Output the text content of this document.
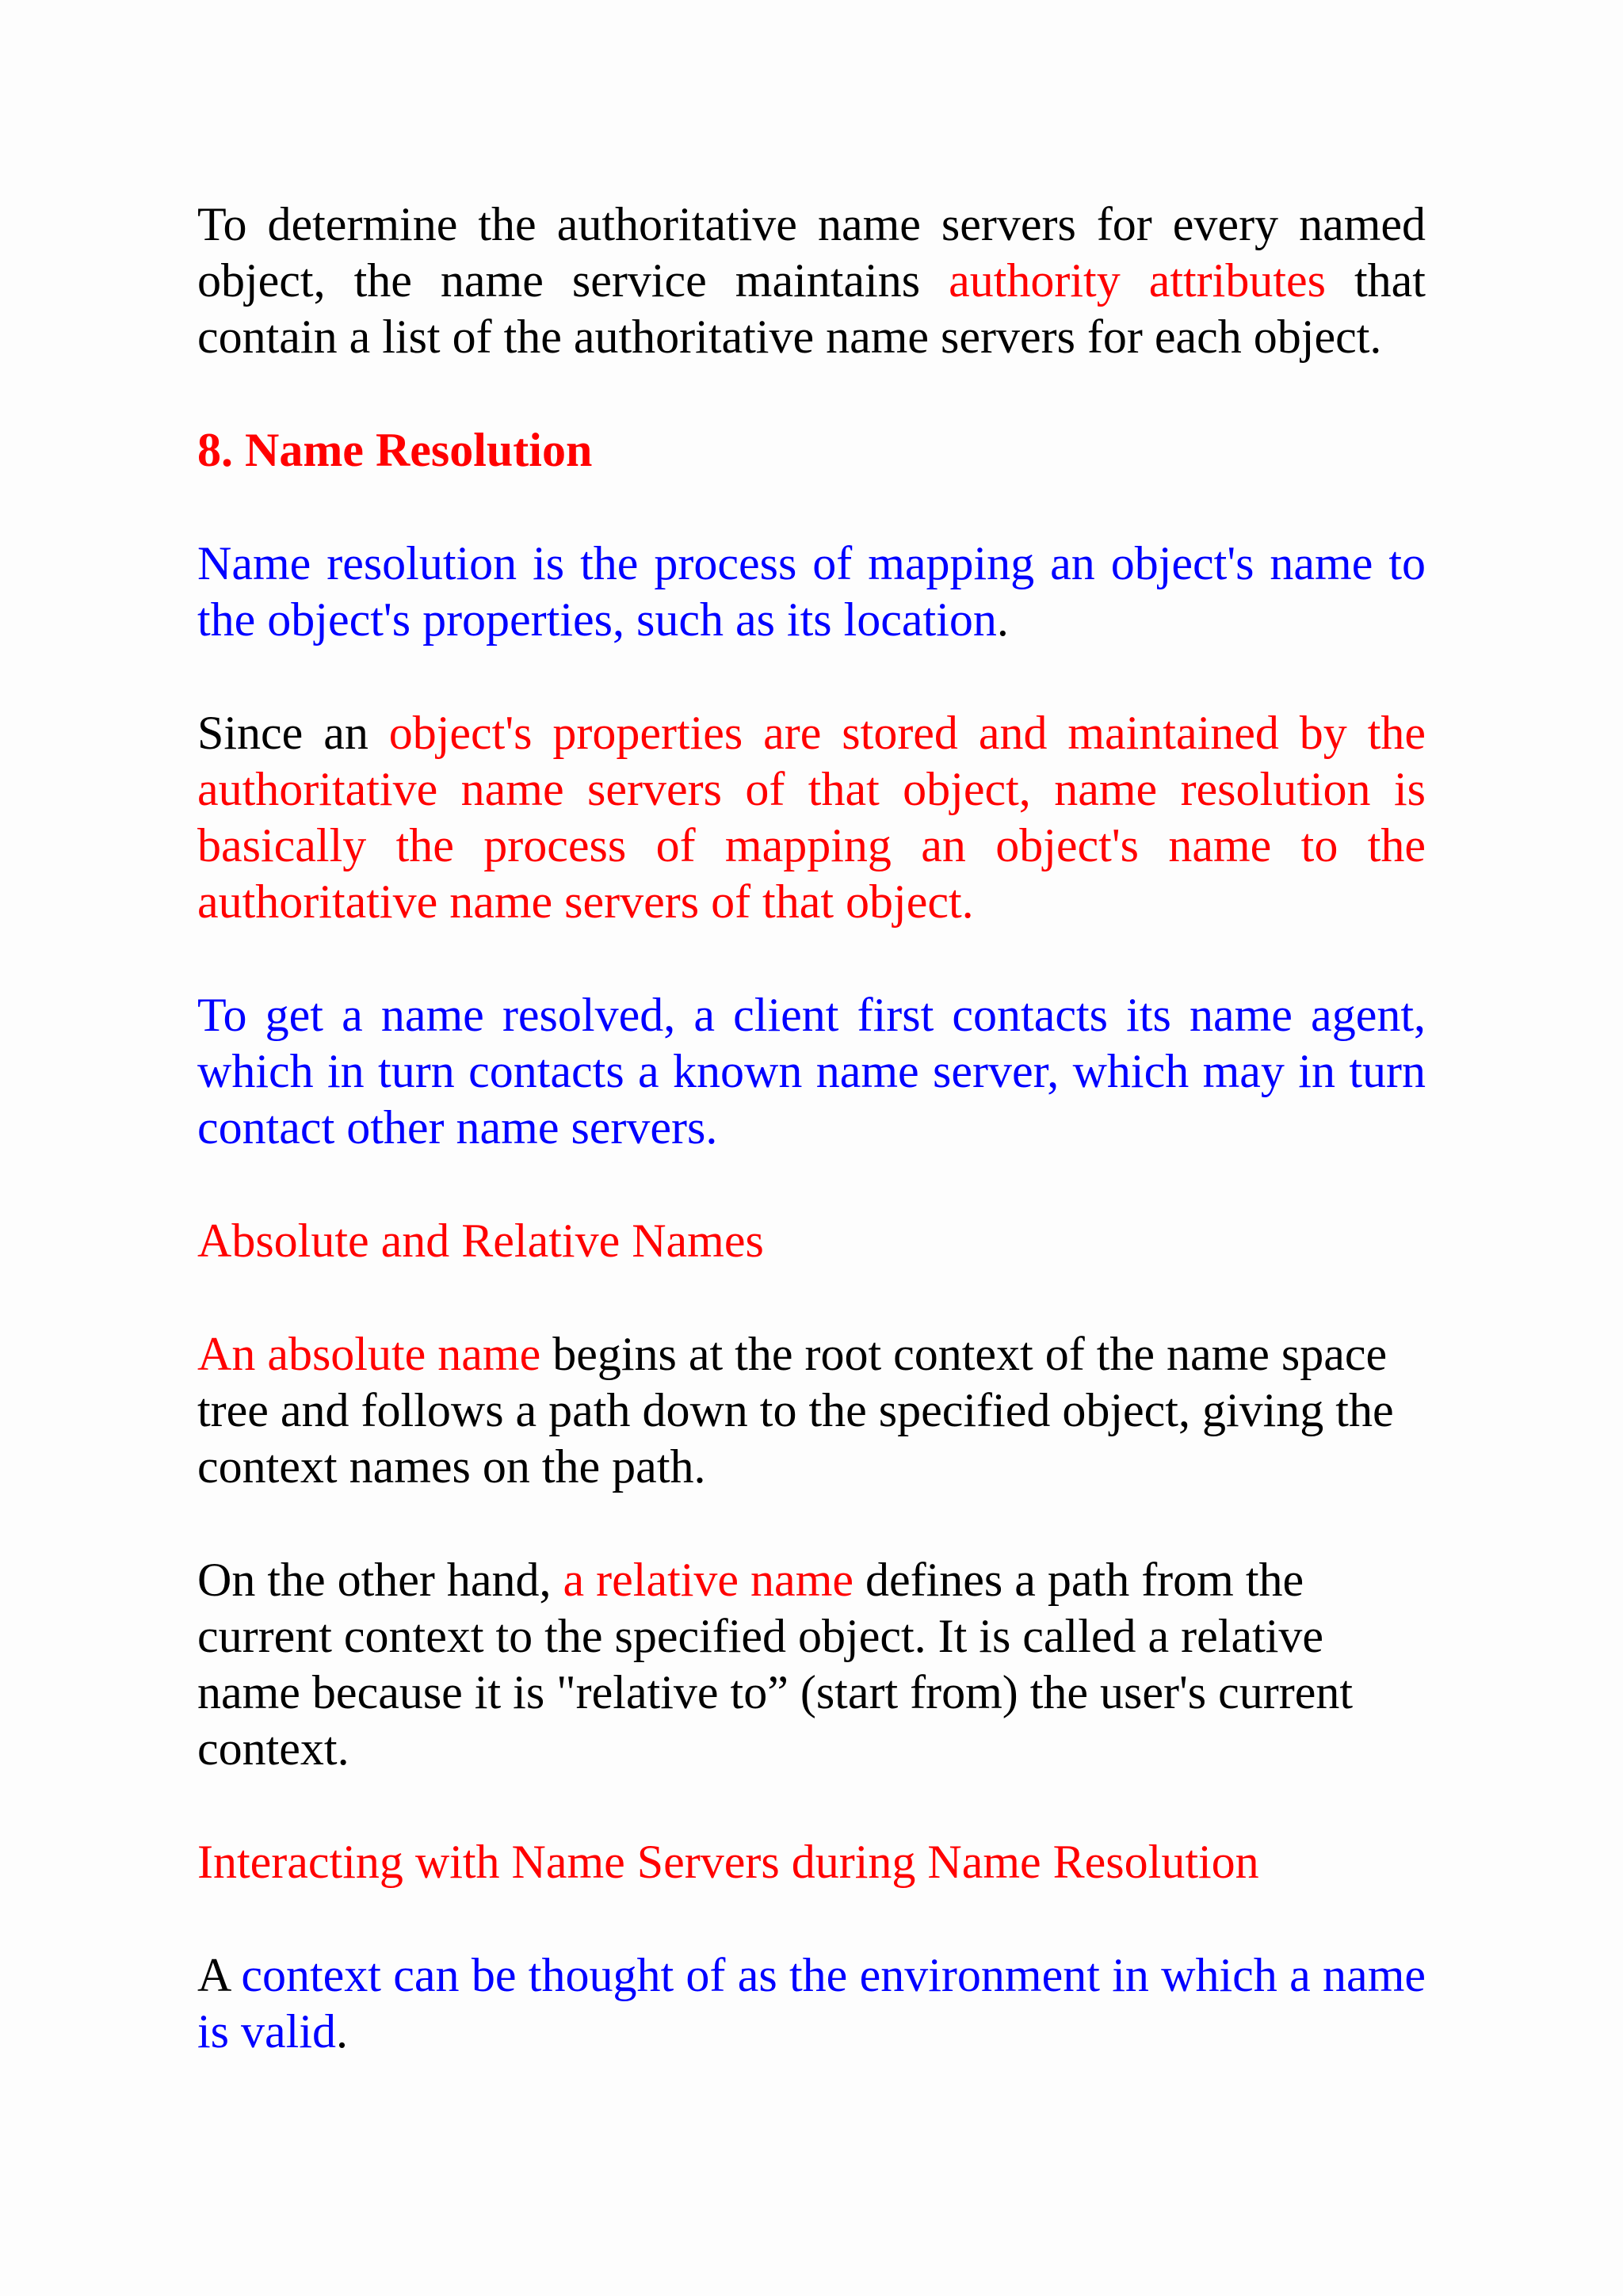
To determine the authoritative name servers for every named object, the name service maintains authority attributes that contain a list of the authoritative name servers for each object.

8. Name Resolution

Name resolution is the process of mapping an object's name to the object's properties, such as its location.

Since an object's properties are stored and maintained by the authoritative name servers of that object, name resolution is basically the process of mapping an object's name to the authoritative name servers of that object.

To get a name resolved, a client first contacts its name agent, which in turn contacts a known name server, which may in turn contact other name servers.

Absolute and Relative Names

An absolute name begins at the root context of the name space tree and follows a path down to the specified object, giving the context names on the path.

On the other hand, a relative name defines a path from the current context to the specified object. It is called a relative name because it is "relative to” (start from) the user's current context.

Interacting with Name Servers during Name Resolution

A context can be thought of as the environment in which a name is valid.
